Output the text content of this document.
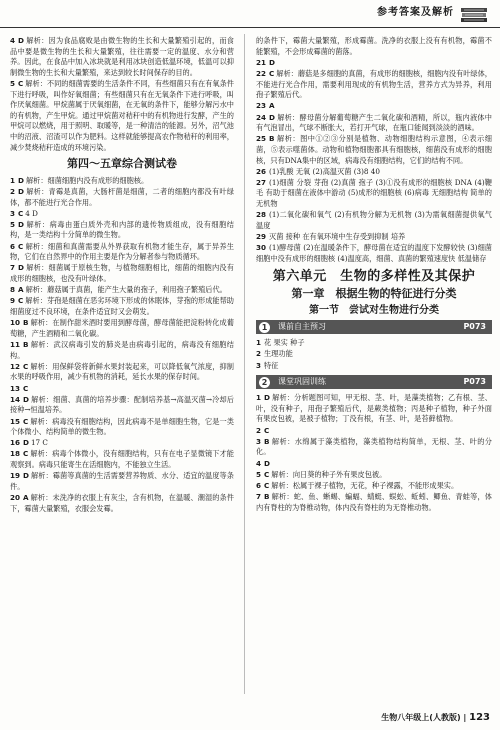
参考答案及解析
4 D 解析：因为食品腐败是由微生物的生长和大量繁殖引起的，而食品中要是微生物的生长和大量繁殖，往往需要一定的温度、水分和营养。因此，在食品中加入冰块就是利用冰块创造低温环境，低温可以抑制微生物的生长和大量繁殖，来达到较长时间保存的目的。
5 C 解析：不同的细菌需要的生活条件不同，有些细菌只有在有氧条件下进行呼吸，叫作好氧细菌；有些细菌只有在无氧条件下进行呼吸，叫作厌氧细菌。甲烷菌属于厌氧细菌，在无氧的条件下，能够分解污水中的有机物，产生甲烷。通过甲烷菌对秸秆中的有机物进行发酵，产生的甲烷可以燃烧，用于照明、取暖等，是一种清洁的能源。另外，沼气池中的沼液、沼渣可以作为肥料。这样就能够提高农作物秸秆的利用率，减少焚烧秸秆造成的环境污染。
第四～五章综合测试卷
1 D 解析：细菌细胞内没有成形的细胞核。
2 D 解析：青霉是真菌，大肠杆菌是细菌，二者的细胞内都没有叶绿体，都不能进行光合作用。
3 C 4 D
5 D 解析：病毒由蛋白质外壳和内部的遗传物质组成，没有细胞结构，是一类结构十分简单的微生物。
6 C 解析：细菌和真菌需要从外界获取有机物才能生存，属于异养生物，它们在自然界中的作用主要是作为分解者参与物质循环。
7 D 解析：细菌属于原核生物，与植物细胞相比，细菌的细胞内没有成形的细胞核，也没有叶绿体。
8 A 解析：蘑菇属于真菌，能产生大量的孢子，利用孢子繁殖后代。
9 C 解析：芽孢是细菌在恶劣环境下形成的休眠体，芽孢的形成能帮助细菌度过不良环境，在条件适宜时又会萌发。
10 B 解析：在制作甜米酒时要用到酵母菌，酵母菌能把淀粉转化成葡萄糖，产生酒精和二氧化碳。
11 B 解析：武汉病毒引发的肺炎是由病毒引起的，病毒没有细胞结构。
12 C 解析：用保鲜袋将新鲜水果封装起来，可以降低氧气浓度，抑制水果的呼吸作用，减少有机物的消耗，延长水果的保存时间。
13 C
14 D 解析：细菌、真菌的培养步骤：配制培养基→高温灭菌→冷却后接种→恒温培养。
15 C 解析：病毒没有细胞结构，因此病毒不是单细胞生物，它是一类个体微小、结构简单的微生物。
16 D 17 C
18 C 解析：病毒个体微小，没有细胞结构，只有在电子显微镜下才能观察到。病毒只能寄生在活细胞内，不能独立生活。
19 D 解析：霉菌等真菌的生活需要营养物质、水分、适宜的温度等条件。
20 A 解析：未洗净的衣服上有灰尘，含有机物，在温暖、潮湿的条件下，霉菌大量繁殖，衣服会发霉。
的条件下，霉菌大量繁殖，形成霉菌。洗净的衣服上没有有机物，霉菌不能繁殖，不会形成霉菌的菌落。
21 D
22 C 解析：蘑菇是多细胞的真菌，有成形的细胞核，细胞内没有叶绿体，不能进行光合作用，需要利用现成的有机物生活，营养方式为异养，利用孢子繁殖后代。
23 A
24 D 解析：酵母菌分解葡萄糖产生二氧化碳和酒精，所以，瓶内液体中有气泡冒出，气球不断胀大，若打开气球，在瓶口能闻到淡淡的酒味。
25 B 解析：图中①②③分别是植物、动物细胞结构示意图，④表示细菌，⑤表示噬菌体。动物和植物细胞都具有细胞核，细菌没有成形的细胞核，只有DNA集中的区域，病毒没有细胞结构，它们的结构不同。
26 (1)乳酸 无氧 (2)高温灭菌 (3)8 40
27 (1)细菌 分裂 芽孢 (2)真菌 孢子 (3)①没有成形的细胞核 DNA (4)鞭毛 有助于细菌在液体中游动 (5)成形的细胞核 (6)病毒 无细胞结构 简单的无机物
28 (1)二氧化碳和氧气 (2)有机物分解为无机物 (3)为需氧细菌提供氧气 温度
29 灭菌 接种 在有氧环境中生存受到抑制 培养
30 (1)酵母菌 (2)在温暖条件下，酵母菌在适宜的温度下发酵较快 (3)细菌 细胞中没有成形的细胞核 (4)温度高，细菌、真菌的繁殖速度快 低温储存
第六单元　生物的多样性及其保护
第一章　根据生物的特征进行分类
第一节　尝试对生物进行分类
1	课前自主预习	P073
1 花 果实 种子
2 生理功能
3 特征
2	课堂巩固训练	P073
1 D 解析：分析题图可知，甲无根、茎、叶，是藻类植物；乙有根、茎、叶，没有种子，用孢子繁殖后代，是蕨类植物；丙是种子植物，种子外面有果皮包被，是被子植物；丁没有根，有茎、叶，是苔藓植物。
2 C
3 B 解析：水绵属于藻类植物，藻类植物结构简单，无根、茎、叶的分化。
4 D
5 C 解析：向日葵的种子外有果皮包被。
6 C 解析：松属于裸子植物，无花，种子裸露，不能形成果实。
7 B 解析：蛇、鱼、蜥蜴、蝙蝠、蜻蜓、蜈蚣、蚯蚓、鲫鱼、青蛙等，体内有脊柱的为脊椎动物，体内没有脊柱的为无脊椎动物。
生物八年级上(人教版) | 123
